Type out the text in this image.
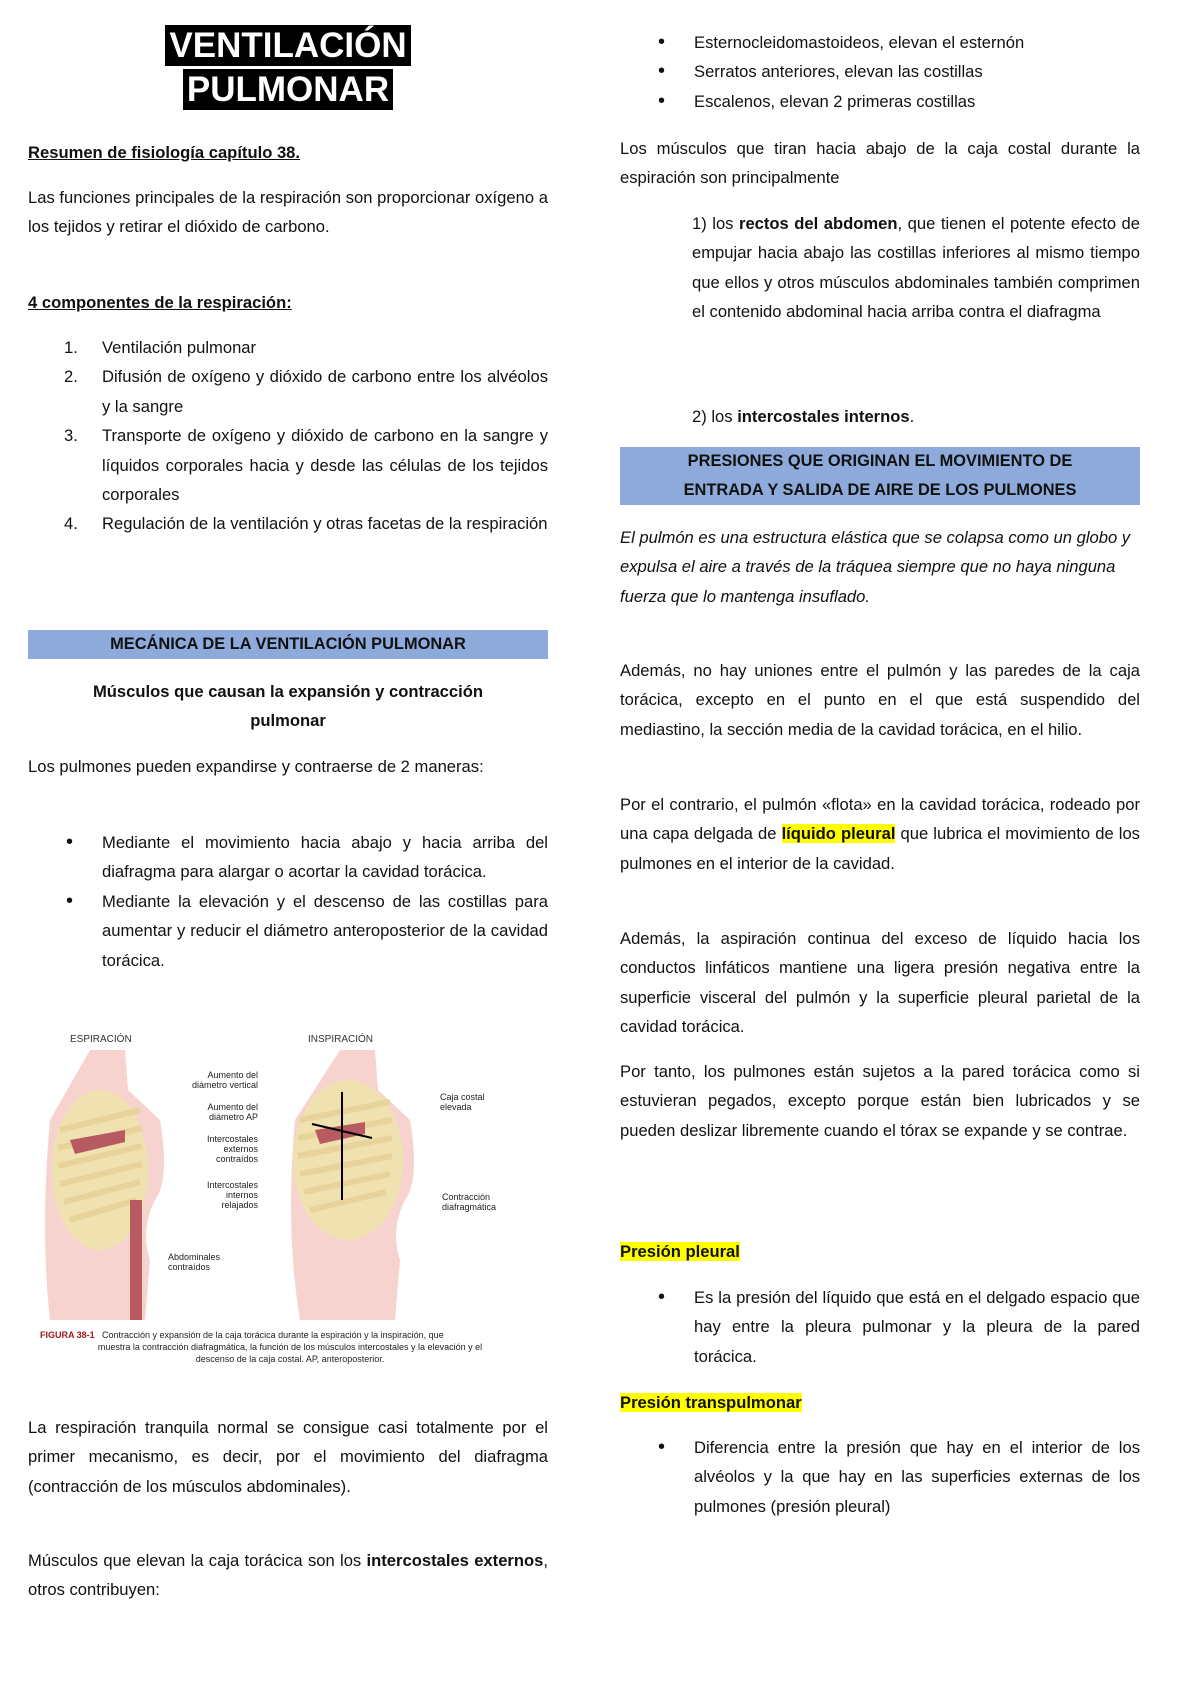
VENTILACIÓN
PULMONAR
Resumen de fisiología capítulo 38.
Las funciones principales de la respiración son proporcionar oxígeno a los tejidos y retirar el dióxido de carbono.
4 componentes de la respiración:
1. Ventilación pulmonar
2. Difusión de oxígeno y dióxido de carbono entre los alvéolos y la sangre
3. Transporte de oxígeno y dióxido de carbono en la sangre y líquidos corporales hacia y desde las células de los tejidos corporales
4. Regulación de la ventilación y otras facetas de la respiración
MECÁNICA DE LA VENTILACIÓN PULMONAR
Músculos que causan la expansión y contracción pulmonar
Los pulmones pueden expandirse y contraerse de 2 maneras:
• Mediante el movimiento hacia abajo y hacia arriba del diafragma para alargar o acortar la cavidad torácica.
• Mediante la elevación y el descenso de las costillas para aumentar y reducir el diámetro anteroposterior de la cavidad torácica.
ESPIRACIÓN	INSPIRACIÓN
Aumento del
diámetro vertical
Aumento del
diámetro AP
Intercostales
externos
contraídos
Intercostales
internos
relajados
Abdominales
contraídos
Caja costal
elevada
Contracción
diafragmática
FIGURA 38-1 Contracción y expansión de la caja torácica durante la espiración y la inspiración, que
muestra la contracción diafragmática, la función de los músculos intercostales y la elevación y el
descenso de la caja costal. AP, anteroposterior.
La respiración tranquila normal se consigue casi totalmente por el primer mecanismo, es decir, por el movimiento del diafragma (contracción de los músculos abdominales).
Músculos que elevan la caja torácica son los intercostales externos, otros contribuyen:
• Esternocleidomastoideos, elevan el esternón
• Serratos anteriores, elevan las costillas
• Escalenos, elevan 2 primeras costillas
Los músculos que tiran hacia abajo de la caja costal durante la espiración son principalmente
1) los rectos del abdomen, que tienen el potente efecto de empujar hacia abajo las costillas inferiores al mismo tiempo que ellos y otros músculos abdominales también comprimen el contenido abdominal hacia arriba contra el diafragma
2) los intercostales internos.
PRESIONES QUE ORIGINAN EL MOVIMIENTO DE ENTRADA Y SALIDA DE AIRE DE LOS PULMONES
El pulmón es una estructura elástica que se colapsa como un globo y expulsa el aire a través de la tráquea siempre que no haya ninguna fuerza que lo mantenga insuflado.
Además, no hay uniones entre el pulmón y las paredes de la caja torácica, excepto en el punto en el que está suspendido del mediastino, la sección media de la cavidad torácica, en el hilio.
Por el contrario, el pulmón «flota» en la cavidad torácica, rodeado por una capa delgada de líquido pleural que lubrica el movimiento de los pulmones en el interior de la cavidad.
Además, la aspiración continua del exceso de líquido hacia los conductos linfáticos mantiene una ligera presión negativa entre la superficie visceral del pulmón y la superficie pleural parietal de la cavidad torácica.
Por tanto, los pulmones están sujetos a la pared torácica como si estuvieran pegados, excepto porque están bien lubricados y se pueden deslizar libremente cuando el tórax se expande y se contrae.
Presión pleural
• Es la presión del líquido que está en el delgado espacio que hay entre la pleura pulmonar y la pleura de la pared torácica.
Presión transpulmonar
• Diferencia entre la presión que hay en el interior de los alvéolos y la que hay en las superficies externas de los pulmones (presión pleural)
